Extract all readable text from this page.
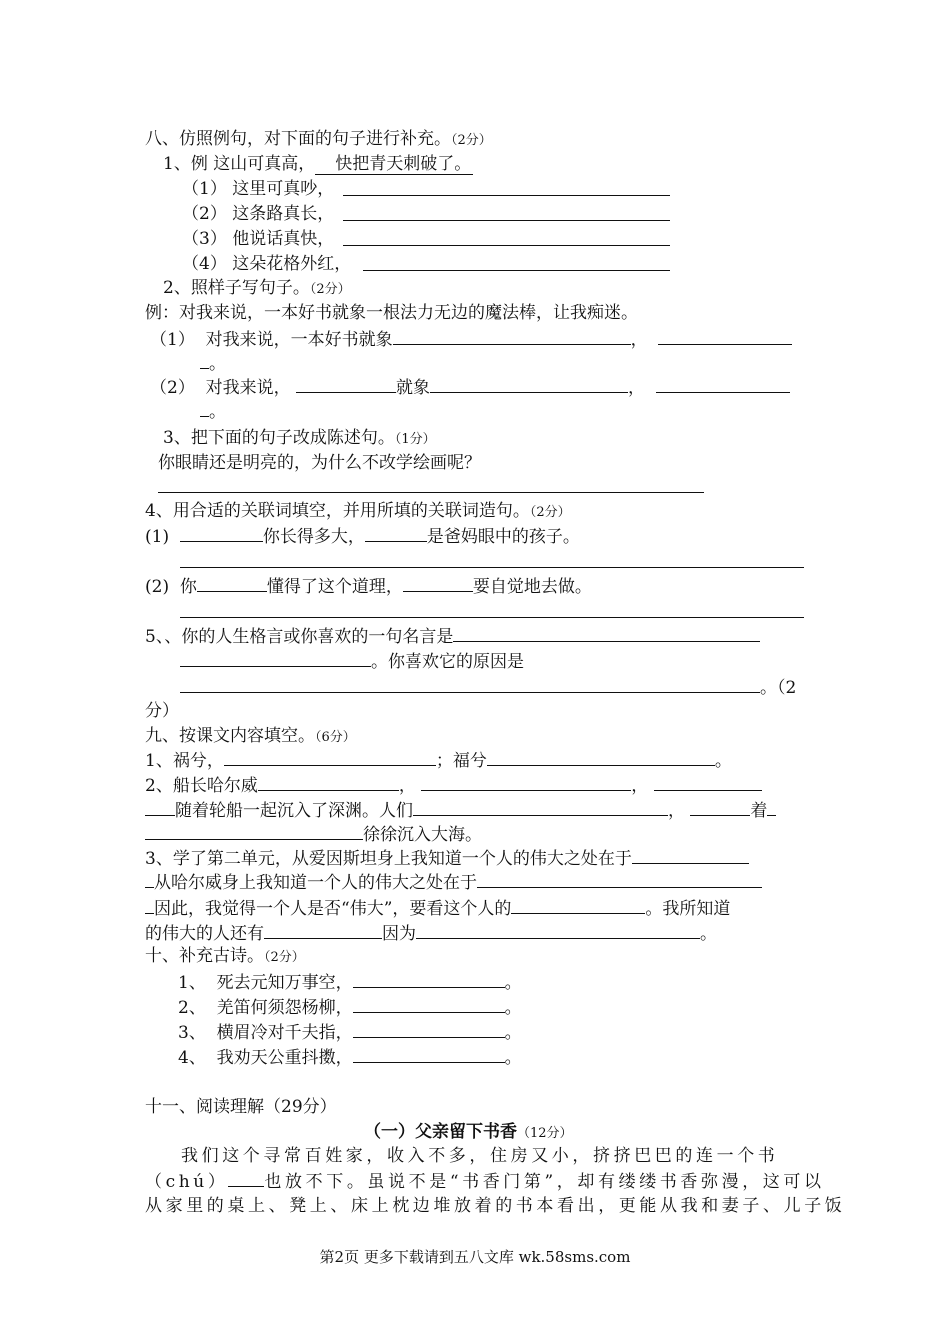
八、仿照例句，对下面的句子进行补充。（2分）
1、例 这山可真高， 快把青天刺破了。
（1） 这里可真吵，
（2） 这条路真长，
（3） 他说话真快，
（4） 这朵花格外红，
2、照样子写句子。（2分）
例：对我来说，一本好书就象一根法力无边的魔法棒，让我痴迷。
（1） 对我来说，一本好书就象	，
。
（2） 对我来说，	就象	，
。
3、把下面的句子改成陈述句。（1分）
你眼睛还是明亮的，为什么不改学绘画呢？
4、用合适的关联词填空，并用所填的关联词造句。（2分）
(1)	你长得多大，	是爸妈眼中的孩子。
(2) 你	懂得了这个道理，	要自觉地去做。
5、、你的人生格言或你喜欢的一句名言是
。你喜欢它的原因是
。（2
分）
九、按课文内容填空。（6分）
1、祸兮，	；福兮	。
2、船长哈尔威	，	，
随着轮船一起沉入了深渊。人们	，	着
徐徐沉入大海。
3、学了第二单元，从爱因斯坦身上我知道一个人的伟大之处在于
从哈尔威身上我知道一个人的伟大之处在于
因此，我觉得一个人是否“伟大”，要看这个人的	。我所知道
的伟大的人还有	因为	。
十、补充古诗。（2分）
1、 死去元知万事空，	。
2、 羌笛何须怨杨柳，	。
3、 横眉冷对千夫指，	。
4、 我劝天公重抖擞，	。
十一、阅读理解（29分）
（一）父亲留下书香（12分）
我们这个寻常百姓家，收入不多，住房又小，挤挤巴巴的连一个书
（chú） 也放不下。虽说不是“书香门第”，却有缕缕书香弥漫，这可以
从家里的桌上、凳上、床上枕边堆放着的书本看出，更能从我和妻子、儿子饭
第2页 更多下载请到五八文库 wk.58sms.com
